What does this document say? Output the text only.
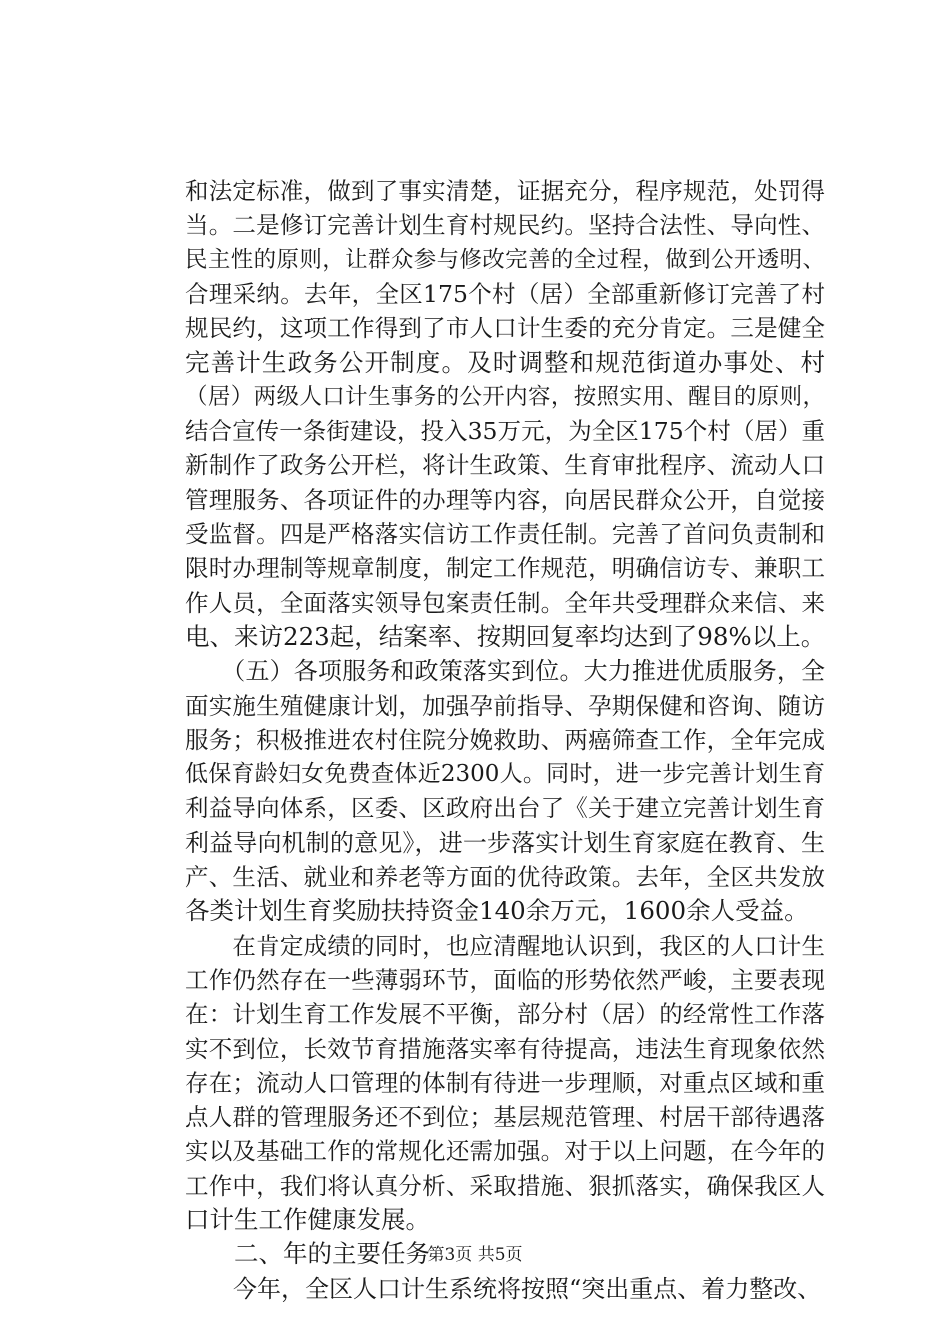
和法定标准，做到了事实清楚，证据充分，程序规范，处罚得
当。二是修订完善计划生育村规民约。坚持合法性、导向性、
民主性的原则，让群众参与修改完善的全过程，做到公开透明、
合理采纳。去年，全区175个村（居）全部重新修订完善了村
规民约，这项工作得到了市人口计生委的充分肯定。三是健全
完善计生政务公开制度。及时调整和规范街道办事处、村
（居）两级人口计生事务的公开内容，按照实用、醒目的原则，
结合宣传一条街建设，投入35万元，为全区175个村（居）重
新制作了政务公开栏，将计生政策、生育审批程序、流动人口
管理服务、各项证件的办理等内容，向居民群众公开，自觉接
受监督。四是严格落实信访工作责任制。完善了首问负责制和
限时办理制等规章制度，制定工作规范，明确信访专、兼职工
作人员，全面落实领导包案责任制。全年共受理群众来信、来
电、来访223起，结案率、按期回复率均达到了98%以上。
　　（五）各项服务和政策落实到位。大力推进优质服务，全
面实施生殖健康计划，加强孕前指导、孕期保健和咨询、随访
服务；积极推进农村住院分娩救助、两癌筛查工作，全年完成
低保育龄妇女免费查体近2300人。同时，进一步完善计划生育
利益导向体系，区委、区政府出台了《关于建立完善计划生育
利益导向机制的意见》，进一步落实计划生育家庭在教育、生
产、生活、就业和养老等方面的优待政策。去年，全区共发放
各类计划生育奖励扶持资金140余万元，1600余人受益。
　　在肯定成绩的同时，也应清醒地认识到，我区的人口计生
工作仍然存在一些薄弱环节，面临的形势依然严峻，主要表现
在：计划生育工作发展不平衡，部分村（居）的经常性工作落
实不到位，长效节育措施落实率有待提高，违法生育现象依然
存在；流动人口管理的体制有待进一步理顺，对重点区域和重
点人群的管理服务还不到位；基层规范管理、村居干部待遇落
实以及基础工作的常规化还需加强。对于以上问题，在今年的
工作中，我们将认真分析、采取措施、狠抓落实，确保我区人
口计生工作健康发展。
　　二、年的主要任务
　　今年，全区人口计生系统将按照“突出重点、着力整改、
第3页 共5页
